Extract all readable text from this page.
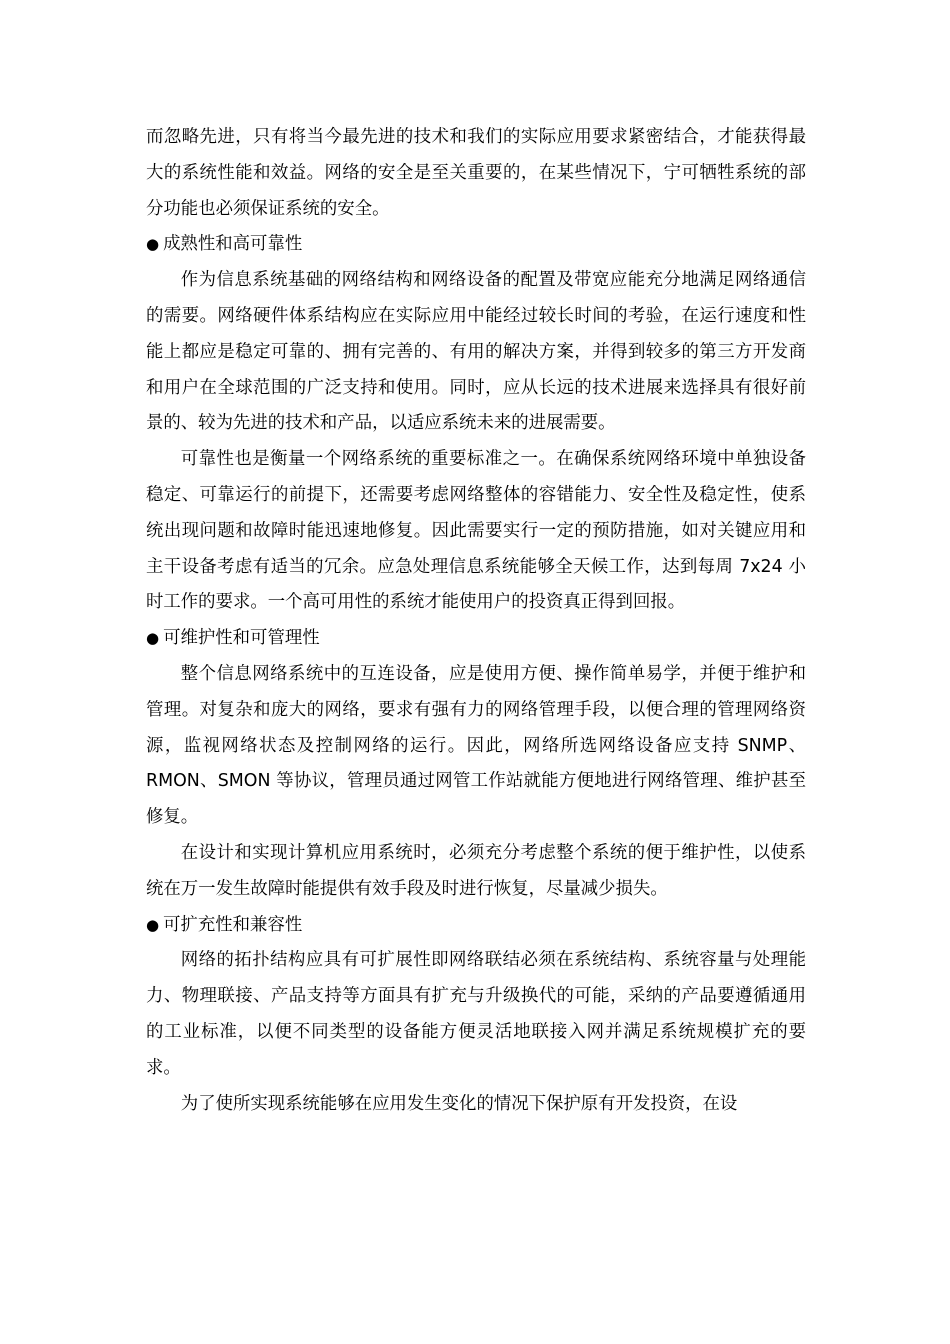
而忽略先进，只有将当今最先进的技术和我们的实际应用要求紧密结合，才能获得最大的系统性能和效益。网络的安全是至关重要的，在某些情况下，宁可牺牲系统的部分功能也必须保证系统的安全。

● 成熟性和高可靠性

作为信息系统基础的网络结构和网络设备的配置及带宽应能充分地满足网络通信的需要。网络硬件体系结构应在实际应用中能经过较长时间的考验，在运行速度和性能上都应是稳定可靠的、拥有完善的、有用的解决方案，并得到较多的第三方开发商和用户在全球范围的广泛支持和使用。同时，应从长远的技术进展来选择具有很好前景的、较为先进的技术和产品，以适应系统未来的进展需要。

可靠性也是衡量一个网络系统的重要标准之一。在确保系统网络环境中单独设备稳定、可靠运行的前提下，还需要考虑网络整体的容错能力、安全性及稳定性，使系统出现问题和故障时能迅速地修复。因此需要实行一定的预防措施，如对关键应用和主干设备考虑有适当的冗余。应急处理信息系统能够全天候工作，达到每周 7x24 小时工作的要求。一个高可用性的系统才能使用户的投资真正得到回报。

● 可维护性和可管理性

整个信息网络系统中的互连设备，应是使用方便、操作简单易学，并便于维护和管理。对复杂和庞大的网络，要求有强有力的网络管理手段，以便合理的管理网络资源，监视网络状态及控制网络的运行。因此，网络所选网络设备应支持 SNMP、RMON、SMON 等协议，管理员通过网管工作站就能方便地进行网络管理、维护甚至修复。

在设计和实现计算机应用系统时，必须充分考虑整个系统的便于维护性，以使系统在万一发生故障时能提供有效手段及时进行恢复，尽量减少损失。

● 可扩充性和兼容性

网络的拓扑结构应具有可扩展性即网络联结必须在系统结构、系统容量与处理能力、物理联接、产品支持等方面具有扩充与升级换代的可能，采纳的产品要遵循通用的工业标准，以便不同类型的设备能方便灵活地联接入网并满足系统规模扩充的要求。

为了使所实现系统能够在应用发生变化的情况下保护原有开发投资，在设
